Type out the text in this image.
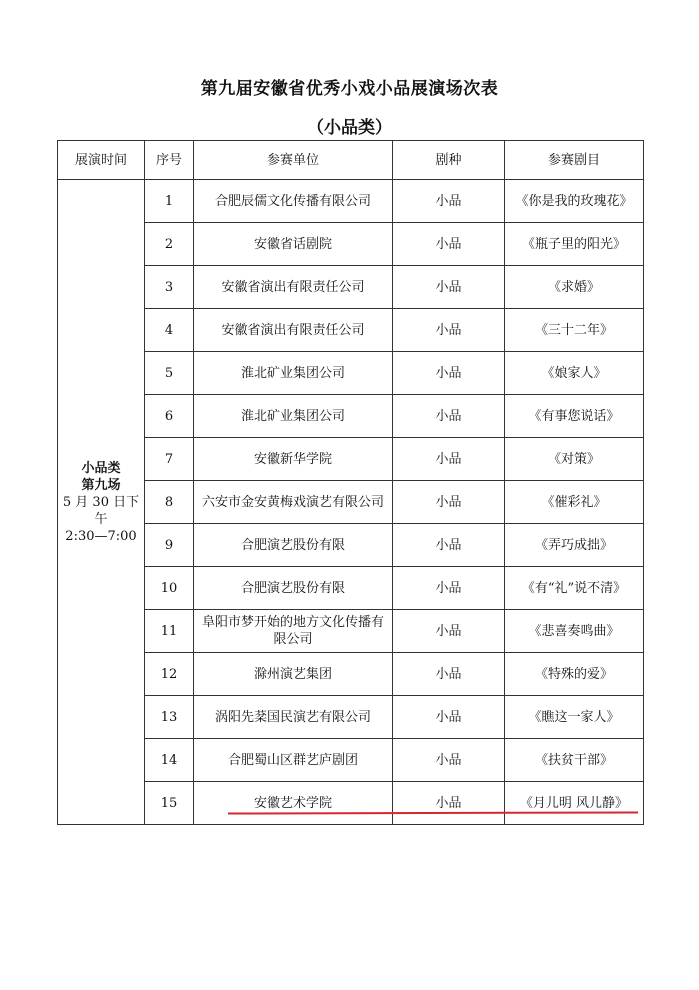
第九届安徽省优秀小戏小品展演场次表
（小品类）
展演时间	序号	参赛单位	剧种	参赛剧目

小品类
第九场
5 月 30 日下午
2:30—7:00	1	合肥辰儒文化传播有限公司	小品	《你是我的玫瑰花》
	2	安徽省话剧院	小品	《瓶子里的阳光》
	3	安徽省演出有限责任公司	小品	《求婚》
	4	安徽省演出有限责任公司	小品	《三十二年》
	5	淮北矿业集团公司	小品	《娘家人》
	6	淮北矿业集团公司	小品	《有事您说话》
	7	安徽新华学院	小品	《对策》
	8	六安市金安黄梅戏演艺有限公司	小品	《催彩礼》
	9	合肥演艺股份有限	小品	《弄巧成拙》
	10	合肥演艺股份有限	小品	《有“礼”说不清》
	11	阜阳市梦开始的地方文化传播有限公司	小品	《悲喜奏鸣曲》
	12	滁州演艺集团	小品	《特殊的爱》
	13	涡阳先棻国民演艺有限公司	小品	《瞧这一家人》
	14	合肥蜀山区群艺庐剧团	小品	《扶贫干部》
	15	安徽艺术学院	小品	《月儿明 风儿静》
